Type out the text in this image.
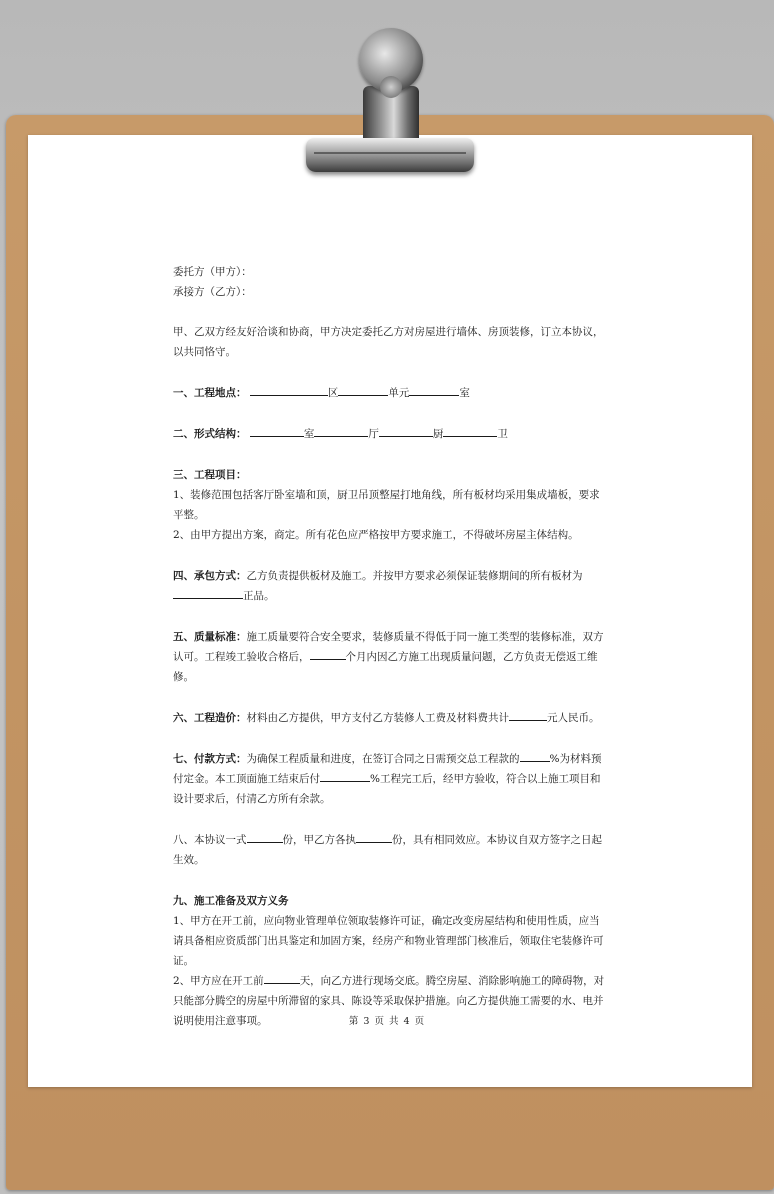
委托方（甲方）：

承接方（乙方）：

甲、乙双方经友好洽谈和协商，甲方决定委托乙方对房屋进行墙体、房顶装修，订立本协议，以共同恪守。

一、工程地点：	区	单元	室

二、形式结构：	室	厅	厨	卫

三、工程项目：

1、装修范围包括客厅卧室墙和顶，厨卫吊顶整屋打地角线，所有板材均采用集成墙板，要求平整。

2、由甲方提出方案，商定。所有花色应严格按甲方要求施工，不得破坏房屋主体结构。

四、承包方式：乙方负责提供板材及施工。并按甲方要求必须保证装修期间的所有板材为正品。

五、质量标准：施工质量要符合安全要求，装修质量不得低于同一施工类型的装修标准，双方认可。工程竣工验收合格后，	个月内因乙方施工出现质量问题，乙方负责无偿返工维修。

六、工程造价：材料由乙方提供，甲方支付乙方装修人工费及材料费共计	元人民币。

七、付款方式：为确保工程质量和进度，在签订合同之日需预交总工程款的	%为材料预付定金。本工顶面施工结束后付	%工程完工后，经甲方验收，符合以上施工项目和设计要求后，付清乙方所有余款。

八、本协议一式	份，甲乙方各执	份，具有相同效应。本协议自双方签字之日起生效。

九、施工准备及双方义务

1、甲方在开工前，应向物业管理单位领取装修许可证，确定改变房屋结构和使用性质，应当请具备相应资质部门出具鉴定和加固方案，经房产和物业管理部门核准后，领取住宅装修许可证。

2、甲方应在开工前	天，向乙方进行现场交底。腾空房屋、消除影响施工的障碍物，对只能部分腾空的房屋中所滞留的家具、陈设等采取保护措施。向乙方提供施工需要的水、电并说明使用注意事项。	第 3 页 共 4 页
